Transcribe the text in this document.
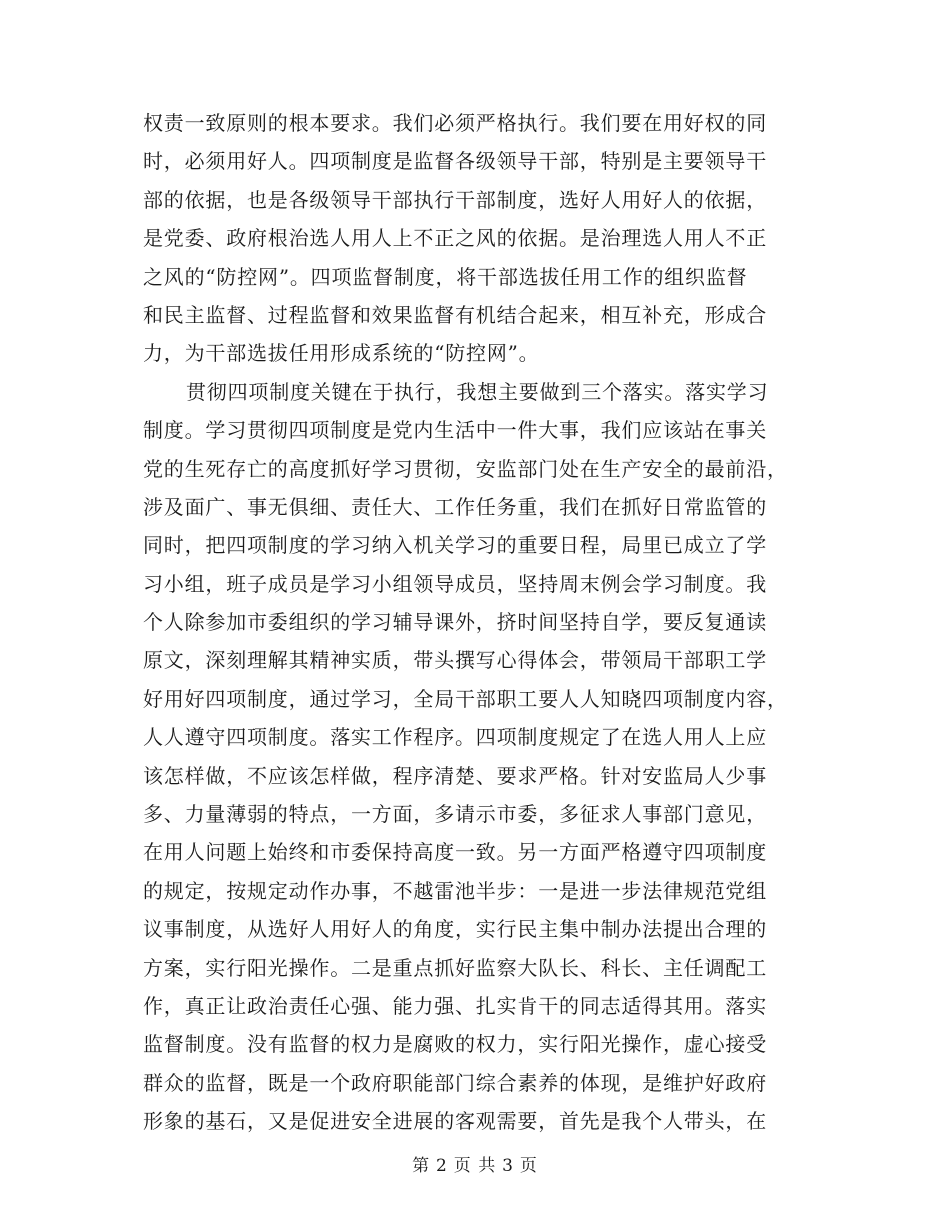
权责一致原则的根本要求。我们必须严格执行。我们要在用好权的同
时，必须用好人。四项制度是监督各级领导干部，特别是主要领导干
部的依据，也是各级领导干部执行干部制度，选好人用好人的依据，
是党委、政府根治选人用人上不正之风的依据。是治理选人用人不正
之风的“防控网”。四项监督制度，将干部选拔任用工作的组织监督
和民主监督、过程监督和效果监督有机结合起来，相互补充，形成合
力，为干部选拔任用形成系统的“防控网”。
贯彻四项制度关键在于执行，我想主要做到三个落实。落实学习
制度。学习贯彻四项制度是党内生活中一件大事，我们应该站在事关
党的生死存亡的高度抓好学习贯彻，安监部门处在生产安全的最前沿，
涉及面广、事无俱细、责任大、工作任务重，我们在抓好日常监管的
同时，把四项制度的学习纳入机关学习的重要日程，局里已成立了学
习小组，班子成员是学习小组领导成员，坚持周末例会学习制度。我
个人除参加市委组织的学习辅导课外，挤时间坚持自学，要反复通读
原文，深刻理解其精神实质，带头撰写心得体会，带领局干部职工学
好用好四项制度，通过学习，全局干部职工要人人知晓四项制度内容，
人人遵守四项制度。落实工作程序。四项制度规定了在选人用人上应
该怎样做，不应该怎样做，程序清楚、要求严格。针对安监局人少事
多、力量薄弱的特点，一方面，多请示市委，多征求人事部门意见，
在用人问题上始终和市委保持高度一致。另一方面严格遵守四项制度
的规定，按规定动作办事，不越雷池半步：一是进一步法律规范党组
议事制度，从选好人用好人的角度，实行民主集中制办法提出合理的
方案，实行阳光操作。二是重点抓好监察大队长、科长、主任调配工
作，真正让政治责任心强、能力强、扎实肯干的同志适得其用。落实
监督制度。没有监督的权力是腐败的权力，实行阳光操作，虚心接受
群众的监督，既是一个政府职能部门综合素养的体现，是维护好政府
形象的基石，又是促进安全进展的客观需要，首先是我个人带头，在
第 2 页 共 3 页
